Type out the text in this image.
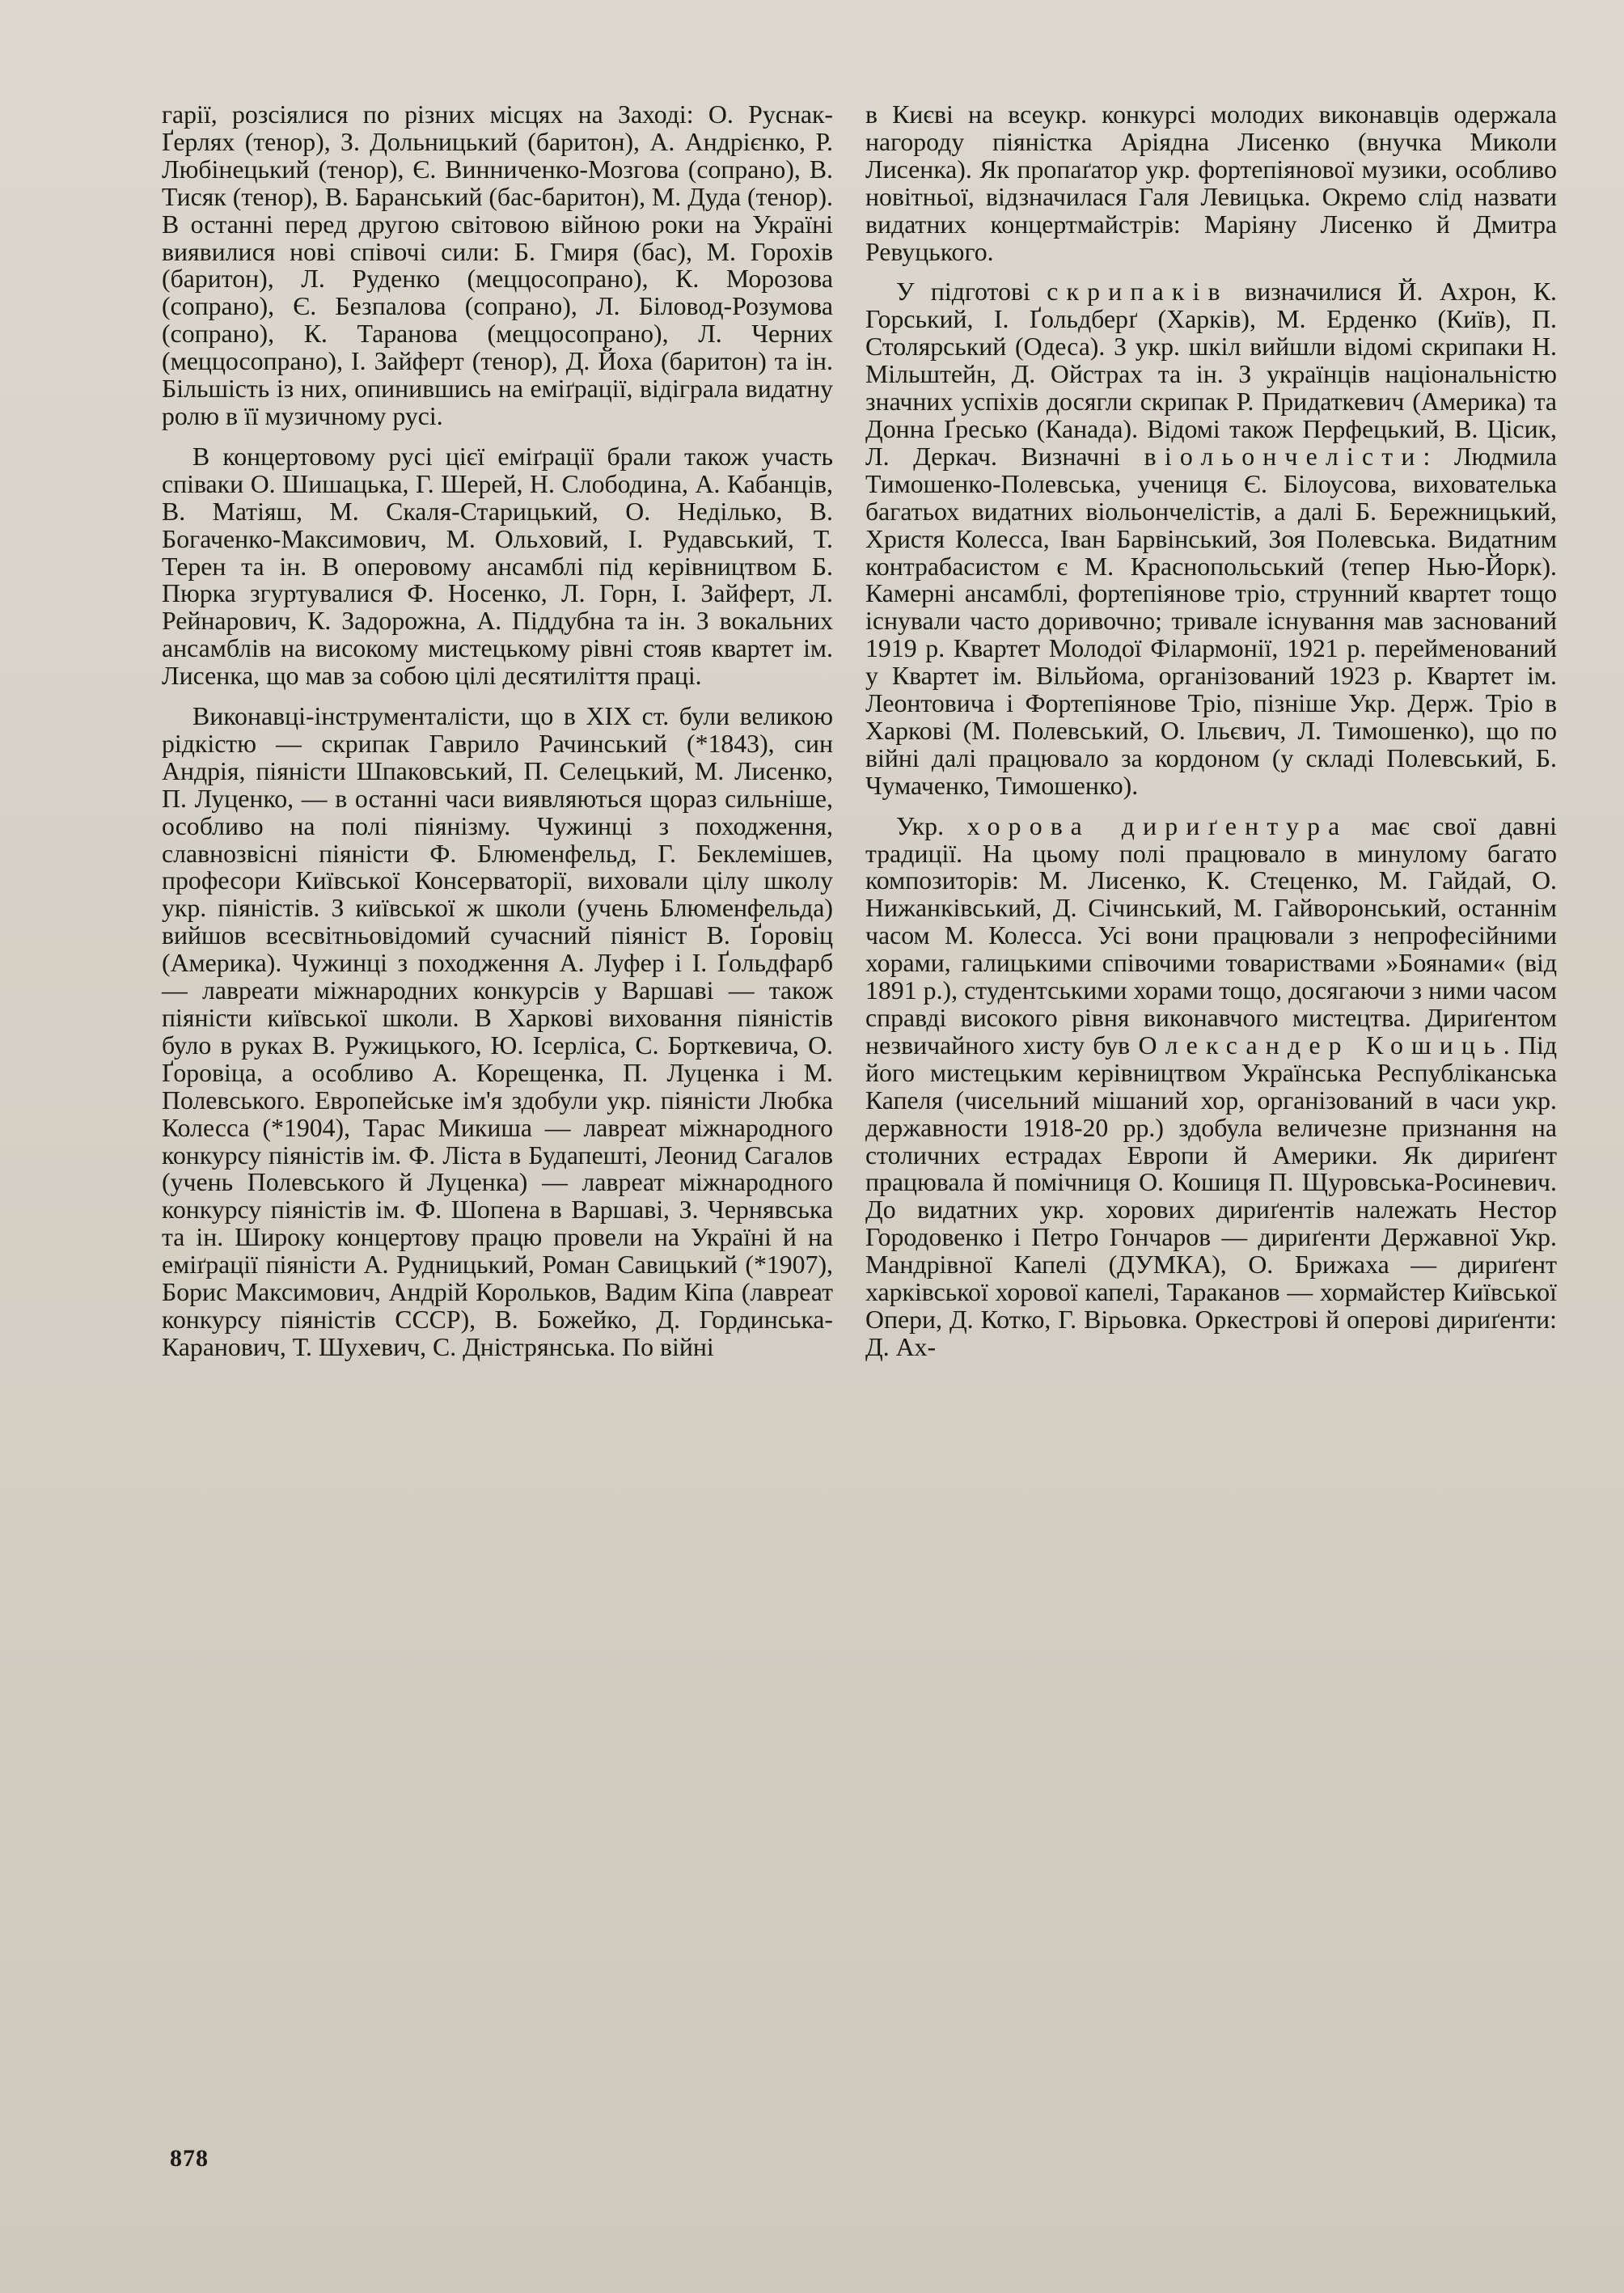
гарії, розсіялися по різних місцях на Заході: О. Руснак-Ґерлях (тенор), З. Дольницький (баритон), А. Андрієнко, Р. Любінецький (тенор), Є. Винниченко-Мозгова (сопрано), В. Тисяк (тенор), В. Баранський (бас-баритон), М. Дуда (тенор). В останні перед другою світовою війною роки на Україні виявилися нові співочі сили: Б. Гмиря (бас), М. Горохів (баритон), Л. Руденко (меццосопрано), К. Морозова (сопрано), Є. Безпалова (сопрано), Л. Біловод-Розумова (сопрано), К. Таранова (меццосопрано), Л. Черних (меццосопрано), І. Зайферт (тенор), Д. Йоха (баритон) та ін. Більшість із них, опинившись на еміґрації, відіграла видатну ролю в її музичному русі.

В концертовому русі цієї еміґрації брали також участь співаки О. Шишацька, Г. Шерей, Н. Слободина, А. Кабанців, В. Матіяш, М. Скаля-Старицький, О. Неділько, В. Богаченко-Максимович, М. Ольховий, І. Рудавський, Т. Терен та ін. В оперовому ансамблі під керівництвом Б. Пюрка згуртувалися Ф. Носенко, Л. Горн, І. Зайферт, Л. Рейнарович, К. Задорожна, А. Піддубна та ін. З вокальних ансамблів на високому мистецькому рівні стояв квартет ім. Лисенка, що мав за собою цілі десятиліття праці.

Виконавці-інструменталісти, що в XIX ст. були великою рідкістю — скрипак Гаврило Рачинський (*1843), син Андрія, піяністи Шпаковський, П. Селецький, М. Лисенко, П. Луценко, — в останні часи виявляються щораз сильніше, особливо на полі піянізму. Чужинці з походження, славнозвісні піяністи Ф. Блюменфельд, Г. Беклемішев, професори Київської Консерваторії, виховали цілу школу укр. піяністів. З київської ж школи (учень Блюменфельда) вийшов всесвітньовідомий сучасний піяніст В. Ґоровіц (Америка). Чужинці з походження А. Луфер і І. Ґольдфарб — лавреати міжнародних конкурсів у Варшаві — також піяністи київської школи. В Харкові виховання піяністів було в руках В. Ружицького, Ю. Ісерліса, С. Борткевича, О. Ґоровіца, а особливо А. Корещенка, П. Луценка і М. Полевського. Европейське ім'я здобули укр. піяністи Любка Колесса (*1904), Тарас Микиша — лавреат міжнародного конкурсу піяністів ім. Ф. Ліста в Будапешті, Леонид Сагалов (учень Полевського й Луценка) — лавреат міжнародного конкурсу піяністів ім. Ф. Шопена в Варшаві, З. Чернявська та ін. Широку концертову працю провели на Україні й на еміґрації піяністи А. Рудницький, Роман Савицький (*1907), Борис Максимович, Андрій Корольков, Вадим Кіпа (лавреат конкурсу піяністів СССР), В. Божейко, Д. Гординська-Каранович, Т. Шухевич, С. Дністрянська. По війні

в Києві на всеукр. конкурсі молодих виконавців одержала нагороду піяністка Аріядна Лисенко (внучка Миколи Лисенка). Як пропаґатор укр. фортепіянової музики, особливо новітньої, відзначилася Галя Левицька. Окремо слід назвати видатних концертмайстрів: Маріяну Лисенко й Дмитра Ревуцького.

У підготові скрипаків визначилися Й. Ахрон, К. Горський, І. Ґольдберґ (Харків), М. Ерденко (Київ), П. Столярський (Одеса). З укр. шкіл вийшли відомі скрипаки Н. Мільштейн, Д. Ойстрах та ін. З українців національністю значних успіхів досягли скрипак Р. Придаткевич (Америка) та Донна Ґресько (Канада). Відомі також Перфецький, В. Цісик, Л. Деркач. Визначні віольончелісти: Людмила Тимошенко-Полевська, учениця Є. Білоусова, вихователька багатьох видатних віольончелістів, а далі Б. Бережницький, Христя Колесса, Іван Барвінський, Зоя Полевська. Видатним контрабасистом є М. Краснопольський (тепер Нью-Йорк). Камерні ансамблі, фортепіянове тріо, струнний квартет тощо існували часто доривочно; тривале існування мав заснований 1919 р. Квартет Молодої Філармонії, 1921 р. перейменований у Квартет ім. Вільйома, організований 1923 р. Квартет ім. Леонтовича і Фортепіянове Тріо, пізніше Укр. Держ. Тріо в Харкові (М. Полевський, О. Ільєвич, Л. Тимошенко), що по війні далі працювало за кордоном (у складі Полевський, Б. Чумаченко, Тимошенко).

Укр. хорова дириґентура має свої давні традиції. На цьому полі працювало в минулому багато композиторів: М. Лисенко, К. Стеценко, М. Гайдай, О. Нижанківський, Д. Січинський, М. Гайворонський, останнім часом М. Колесса. Усі вони працювали з непрофесійними хорами, галицькими співочими товариствами »Боянами« (від 1891 р.), студентськими хорами тощо, досягаючи з ними часом справді високого рівня виконавчого мистецтва. Дириґентом незвичайного хисту був Олександер Кошиць. Під його мистецьким керівництвом Українська Республіканська Капеля (чисельний мішаний хор, організований в часи укр. державности 1918-20 рр.) здобула величезне признання на столичних естрадах Европи й Америки. Як дириґент працювала й помічниця О. Кошиця П. Щуровська-Росиневич. До видатних укр. хорових дириґентів належать Нестор Городовенко і Петро Гончаров — дириґенти Державної Укр. Мандрівної Капелі (ДУМКА), О. Брижаха — дириґент харківської хорової капелі, Тараканов — хормайстер Київської Опери, Д. Котко, Г. Вірьовка. Оркестрові й оперові дириґенти: Д. Ах-

878
